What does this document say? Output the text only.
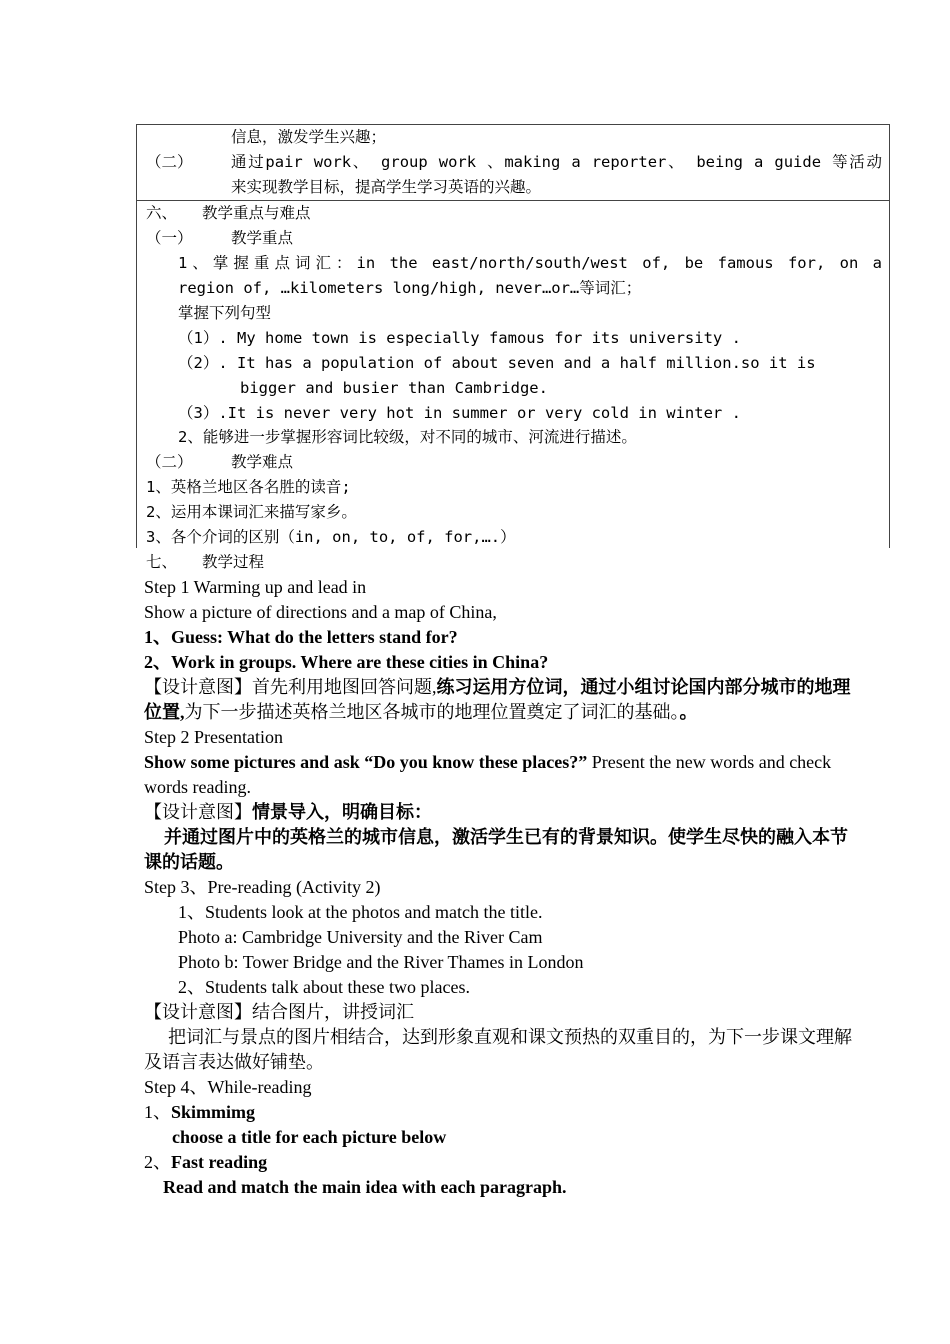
信息，激发学生兴趣；
（二） 通过pair work、 group work 、making a reporter、 being a guide 等活动
来实现教学目标，提高学生学习英语的兴趣。
六、 教学重点与难点
（一） 教学重点
1、掌握重点词汇：in the east/north/south/west of, be famous for, on a
region of, …kilometers long/high, never…or…等词汇；
掌握下列句型
（1）. My home town is especially famous for its university .
（2）. It has a population of about seven and a half million.so it is
bigger and busier than Cambridge.
（3）.It is never very hot in summer or very cold in winter .
2、能够进一步掌握形容词比较级，对不同的城市、河流进行描述。
（二） 教学难点
1、英格兰地区各名胜的读音;
2、运用本课词汇来描写家乡。
3、各个介词的区别（in, on, to, of, for,….）
七、 教学过程
Step 1 Warming up and lead in
Show a picture of directions and a map of China,
1、Guess: What do the letters stand for?
2、Work in groups. Where are these cities in China?
【设计意图】首先利用地图回答问题,练习运用方位词，通过小组讨论国内部分城市的地理
位置,为下一步描述英格兰地区各城市的地理位置奠定了词汇的基础。。
Step 2 Presentation
Show some pictures and ask “Do you know these places?” Present the new words and check
words reading.
【设计意图】情景导入，明确目标：
并通过图片中的英格兰的城市信息，激活学生已有的背景知识。使学生尽快的融入本节
课的话题。
Step 3、Pre-reading (Activity 2)
1、Students look at the photos and match the title.
Photo a: Cambridge University and the River Cam
Photo b: Tower Bridge and the River Thames in London
2、Students talk about these two places.
【设计意图】结合图片，讲授词汇
把词汇与景点的图片相结合，达到形象直观和课文预热的双重目的，为下一步课文理解
及语言表达做好铺垫。
Step 4、While-reading
1、Skimmimg
choose a title for each picture below
2、Fast reading
Read and match the main idea with each paragraph.
